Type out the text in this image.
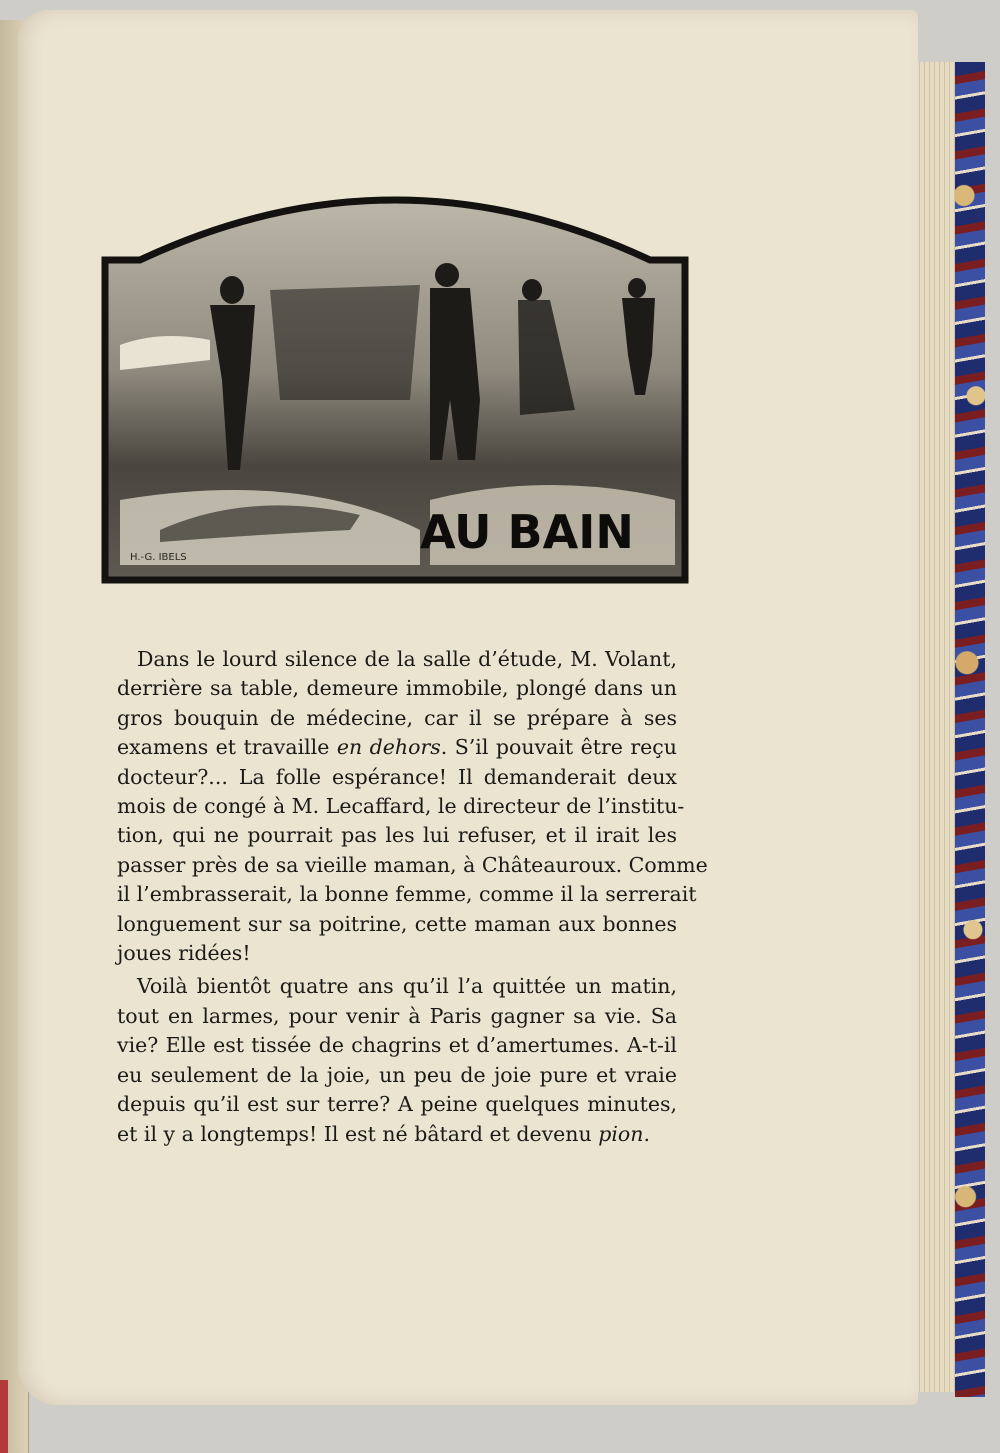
AU BAIN
H.-G. IBELS
Dans le lourd silence de la salle d’étude, M. Volant,
derrière sa table, demeure immobile, plongé dans un
gros bouquin de médecine, car il se prépare à ses
examens et travaille en dehors. S’il pouvait être reçu
docteur?... La folle espérance! Il demanderait deux
mois de congé à M. Lecaffard, le directeur de l’institu-
tion, qui ne pourrait pas les lui refuser, et il irait les
passer près de sa vieille maman, à Châteauroux. Comme
il l’embrasserait, la bonne femme, comme il la serrerait
longuement sur sa poitrine, cette maman aux bonnes
joues ridées!
Voilà bientôt quatre ans qu’il l’a quittée un matin,
tout en larmes, pour venir à Paris gagner sa vie. Sa
vie? Elle est tissée de chagrins et d’amertumes. A-t-il
eu seulement de la joie, un peu de joie pure et vraie
depuis qu’il est sur terre? A peine quelques minutes,
et il y a longtemps! Il est né bâtard et devenu pion.
